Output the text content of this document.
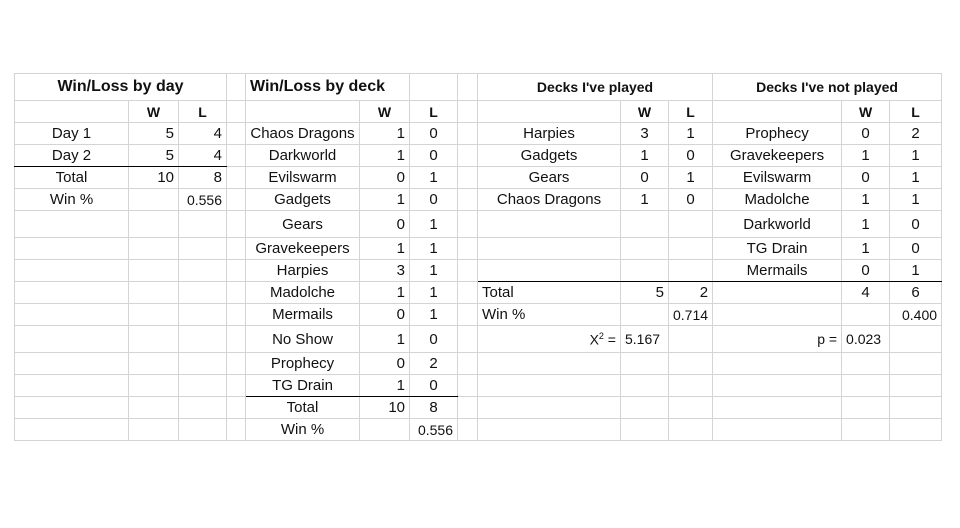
Win/Loss by day				Win/Loss by deck				Decks I've played			Decks I've not played		
	W	L			W	L			W	L		W	L
Day 1	5	4		Chaos Dragons	1	0		Harpies	3	1	Prophecy	0	2
Day 2	5	4		Darkworld	1	0		Gadgets	1	0	Gravekeepers	1	1
Total	10	8		Evilswarm	0	1		Gears	0	1	Evilswarm	0	1
Win %		0.556		Gadgets	1	0		Chaos Dragons	1	0	Madolche	1	1
				Gears	0	1					Darkworld	1	0
				Gravekeepers	1	1					TG Drain	1	0
				Harpies	3	1					Mermails	0	1
				Madolche	1	1		Total	5	2		4	6
				Mermails	0	1		Win %		0.714			0.400
				No Show	1	0		$X^2$ =	5.167		p =	0.023	
				Prophecy	0	2							
				TG Drain	1	0							
				Total	10	8							
				Win %		0.556							
